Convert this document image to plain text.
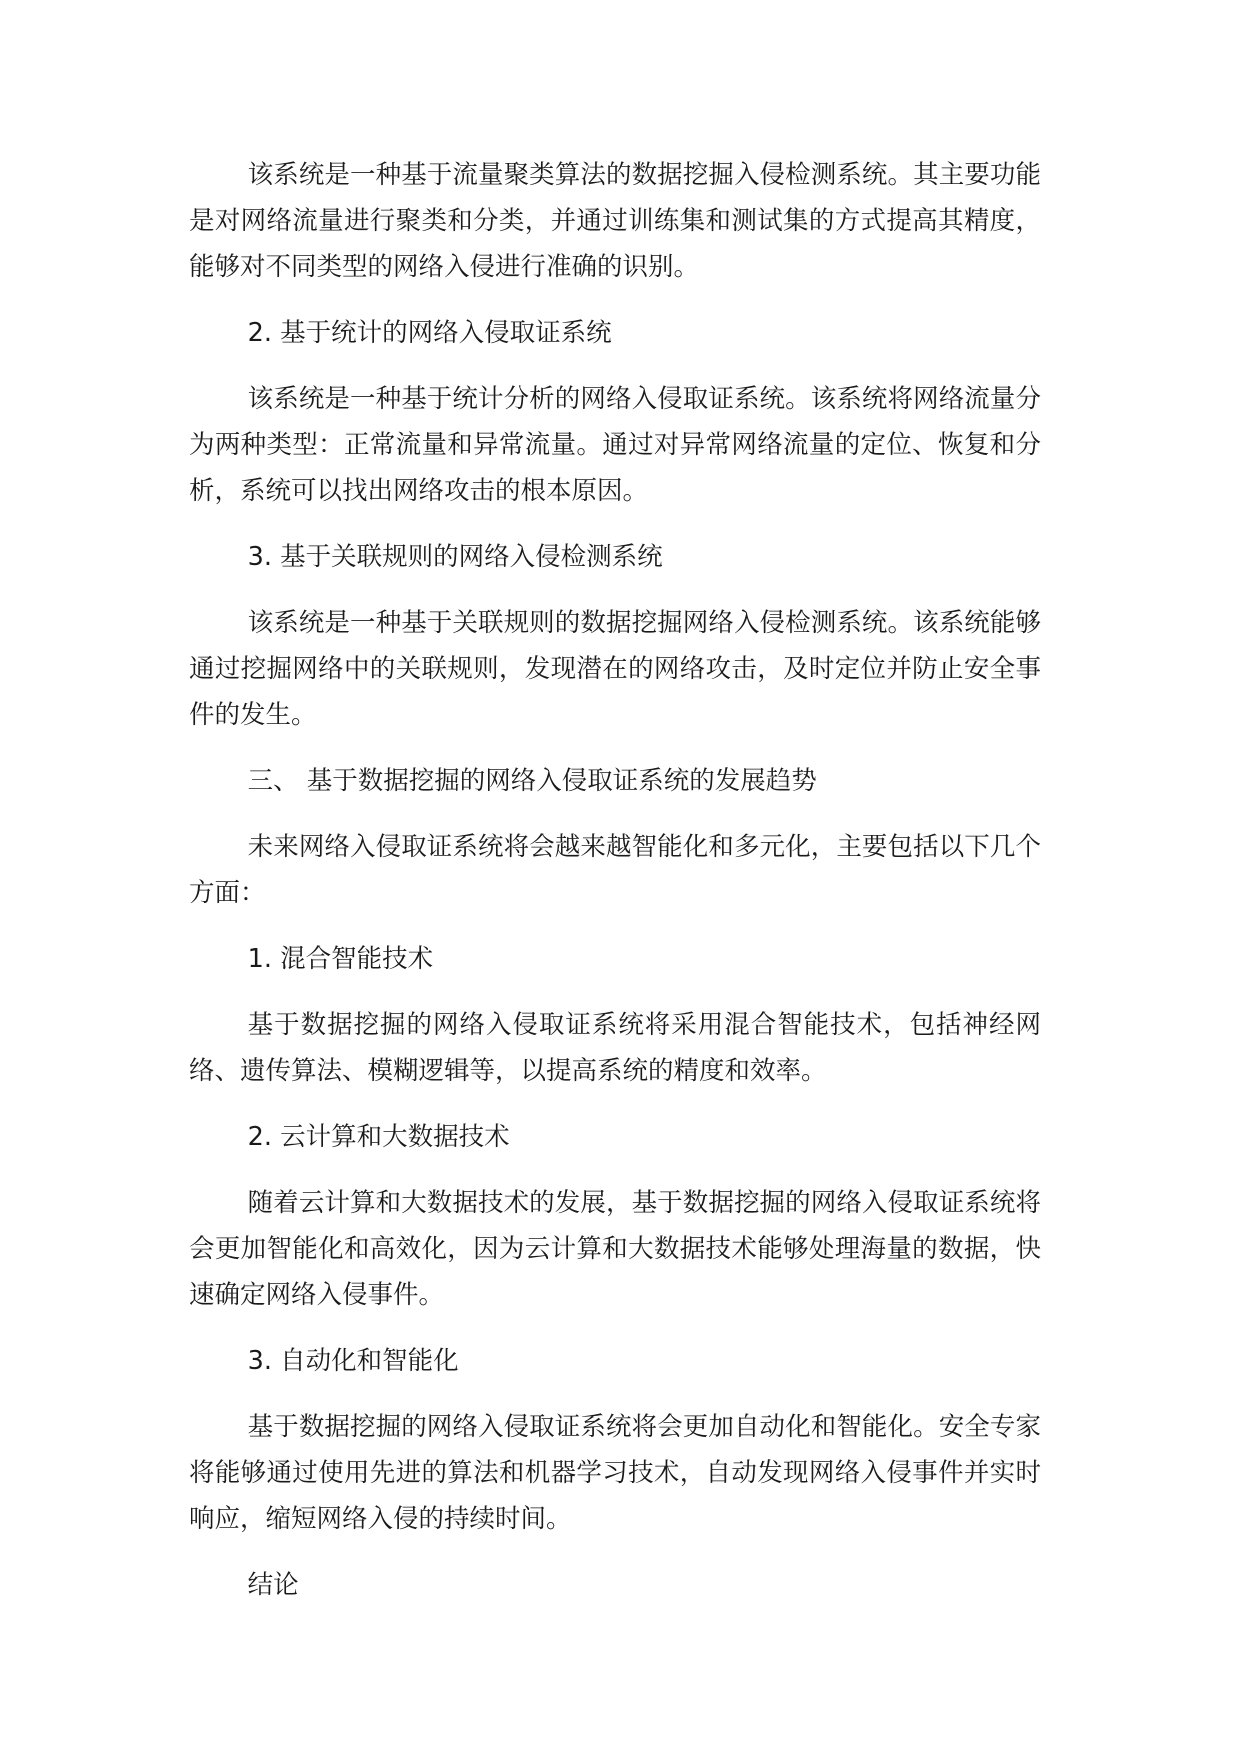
该系统是一种基于流量聚类算法的数据挖掘入侵检测系统。其主要功能是对网络流量进行聚类和分类，并通过训练集和测试集的方式提高其精度，能够对不同类型的网络入侵进行准确的识别。

2. 基于统计的网络入侵取证系统

该系统是一种基于统计分析的网络入侵取证系统。该系统将网络流量分为两种类型：正常流量和异常流量。通过对异常网络流量的定位、恢复和分析，系统可以找出网络攻击的根本原因。

3. 基于关联规则的网络入侵检测系统

该系统是一种基于关联规则的数据挖掘网络入侵检测系统。该系统能够通过挖掘网络中的关联规则，发现潜在的网络攻击，及时定位并防止安全事件的发生。

三、 基于数据挖掘的网络入侵取证系统的发展趋势

未来网络入侵取证系统将会越来越智能化和多元化，主要包括以下几个方面：

1. 混合智能技术

基于数据挖掘的网络入侵取证系统将采用混合智能技术，包括神经网络、遗传算法、模糊逻辑等，以提高系统的精度和效率。

2. 云计算和大数据技术

随着云计算和大数据技术的发展，基于数据挖掘的网络入侵取证系统将会更加智能化和高效化，因为云计算和大数据技术能够处理海量的数据，快速确定网络入侵事件。

3. 自动化和智能化

基于数据挖掘的网络入侵取证系统将会更加自动化和智能化。安全专家将能够通过使用先进的算法和机器学习技术，自动发现网络入侵事件并实时响应，缩短网络入侵的持续时间。

结论
